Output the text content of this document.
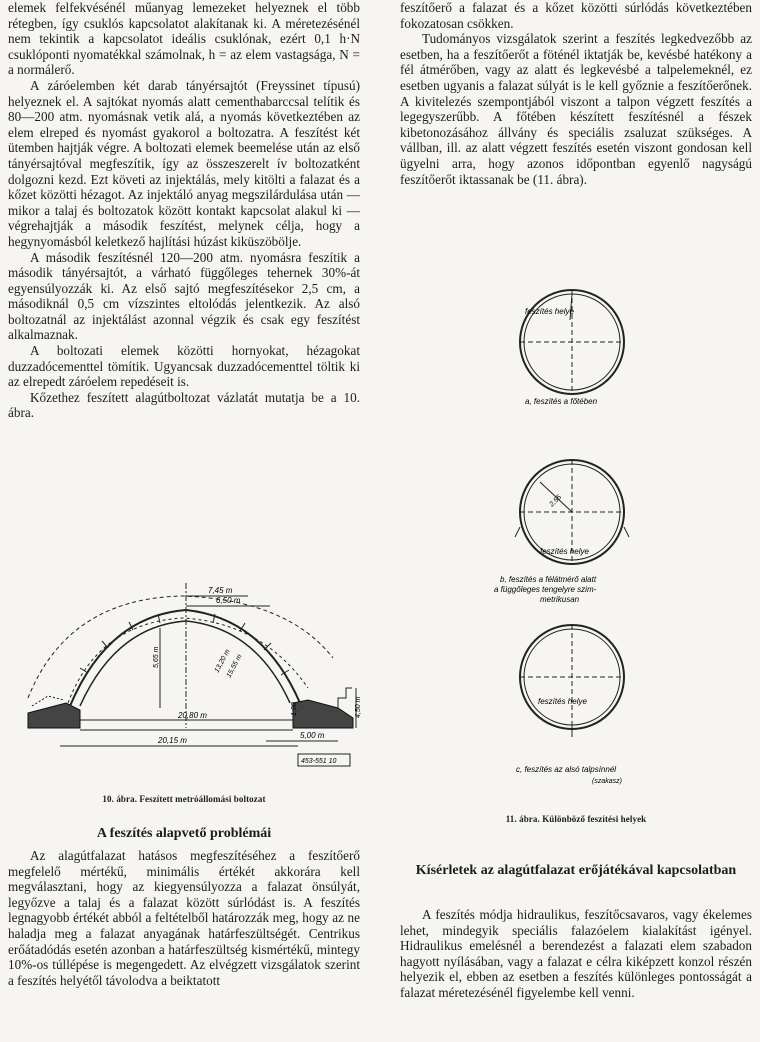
elemek felfekvésénél műanyag lemezeket helyeznek el több rétegben, így csuklós kapcsolatot alakítanak ki. A méretezésénél nem tekintik a kapcsolatot ideális csuklónak, ezért 0,1 h·N csuklóponti nyomatékkal számolnak, h = az elem vastagsága, N = a normálerő.

A záróelemben két darab tányérsajtót (Freyssinet típusú) helyeznek el. A sajtókat nyomás alatt cementhabarccsal telítik és 80—200 atm. nyomásnak vetik alá, a nyomás következtében az elem elreped és nyomást gyakorol a boltozatra. A feszítést két ütemben hajtják végre. A boltozati elemek beemelése után az első tányérsajtóval megfeszítik, így az összeszerelt ív boltozatként dolgozni kezd. Ezt követi az injektálás, mely kitölti a falazat és a kőzet közötti hézagot. Az injektáló anyag megszilárdulása után — mikor a talaj és boltozatok között kontakt kapcsolat alakul ki — végrehajtják a második feszítést, melynek célja, hogy a hegynyomásból keletkező hajlítási húzást kiküszöbölje.

A második feszítésnél 120—200 atm. nyomásra feszítik a második tányérsajtót, a várható függőleges tehernek 30%-át egyensúlyozzák ki. Az első sajtó megfeszítésekor 2,5 cm, a másodiknál 0,5 cm vízszintes eltolódás jelentkezik. Az alsó boltozatnál az injektálást azonnal végzik és csak egy feszítést alkalmaznak.

A boltozati elemek közötti hornyokat, hézagokat duzzadócementtel tömítik. Ugyancsak duzzadócementtel töltik ki az elrepedt záróelem repedéseit is.

Kőzethez feszített alagútboltozat vázlatát mutatja be a 10. ábra.

7,45 m
6,50 m
5,65 m
20,80 m
20,15 m
5,00 m
4,50 m
1,00
13,20 m
15,55 m
453-551 10
10. ábra. Feszített metróállomási boltozat
A feszítés alapvető problémái

Az alagútfalazat hatásos megfeszítéséhez a feszítőerő megfelelő mértékű, minimális értékét akkorára kell megválasztani, hogy az kiegyensúlyozza a falazat önsúlyát, legyőzve a talaj és a falazat között súrlódást is. A feszítés legnagyobb értékét abból a feltételből határozzák meg, hogy az ne haladja meg a falazat anyagának határfeszültségét. Centrikus erőátadódás esetén azonban a határfeszültség kismértékű, mintegy 10%-os túllépése is megengedett. Az elvégzett vizsgálatok szerint a feszítés helyétől távolodva a beiktatott

feszítőerő a falazat és a kőzet közötti súrlódás következtében fokozatosan csökken.

Tudományos vizsgálatok szerint a feszítés legkedvezőbb az esetben, ha a feszítőerőt a föténél iktatják be, kevésbé hatékony a fél átmérőben, vagy az alatt és legkevésbé a talpelemeknél, ez esetben ugyanis a falazat súlyát is le kell győznie a feszítőerőnek. A kivitelezés szempontjából viszont a talpon végzett feszítés a legegyszerűbb. A főtében készített feszítésnél a fészek kibetonozásához állvány és speciális zsaluzat szükséges. A vállban, ill. az alatt végzett feszítés esetén viszont gondosan kell ügyelni arra, hogy azonos időpontban egyenlő nagyságú feszítőerőt iktassanak be (11. ábra).

feszítés helye
a, feszítés a főtében
2,55
feszítés helye
b, feszítés a félátmérő alatt
a függőleges tengelyre szim-
metrikusan
feszítés helye
c, feszítés az alsó talpsínnél
(szakasz)
11. ábra. Különböző feszítési helyek
Kísérletek az alagútfalazat erőjátékával kapcsolatban

A feszítés módja hidraulikus, feszítőcsavaros, vagy ékelemes lehet, mindegyik speciális falazóelem kialakítást igényel. Hidraulikus emelésnél a berendezést a falazati elem szabadon hagyott nyílásában, vagy a falazat e célra kiképzett konzol részén helyezik el, ebben az esetben a feszítés különleges pontosságát a falazat méretezésénél figyelembe kell venni.
